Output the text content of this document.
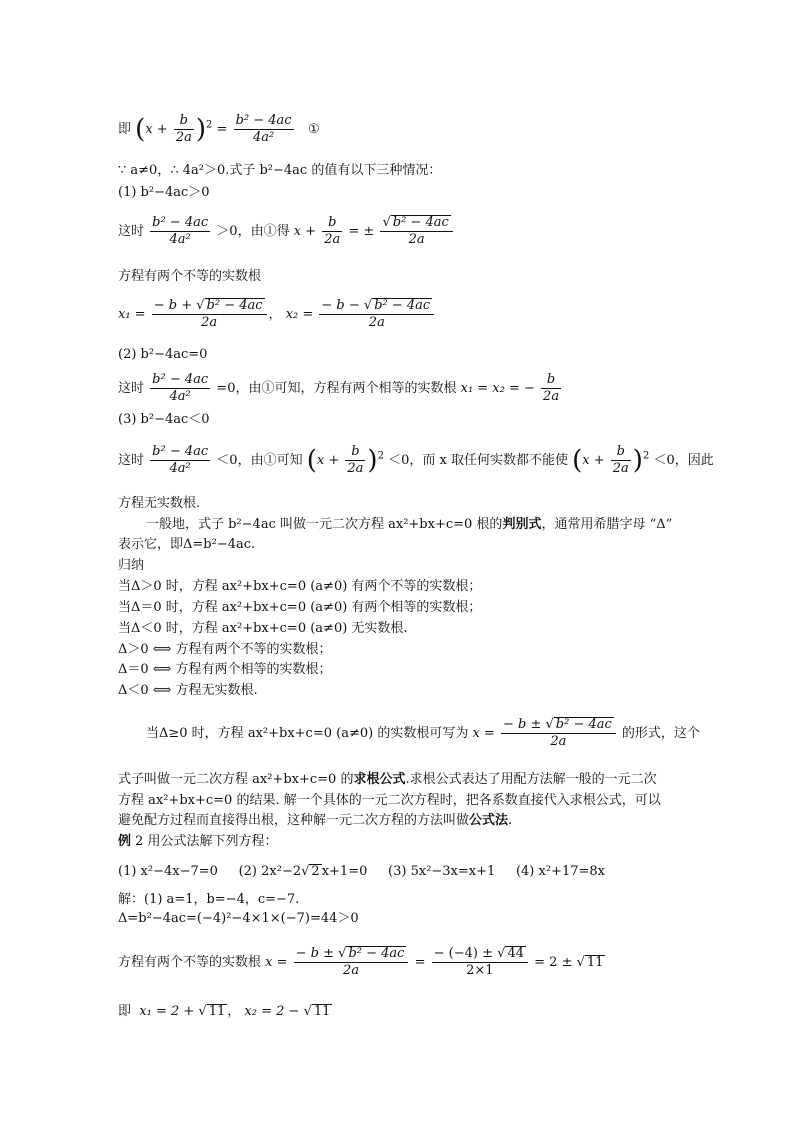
即 $(x + \frac{b}{2a} )^2 = \frac{\text{b² − 4ac}}{\text{4a²}}$ ①
∵ a≠0，∴ 4a²＞0.式子 b²−4ac 的值有以下三种情况：
(1) b²−4ac＞0
这时 $\frac{\text{b² − 4ac}}{\text{4a²}} >0$，由①得 $x + \frac{b}{2a}$ = ± $\frac{\text{√ b² − 4ac}}{2a}$
方程有两个不等的实数根
$x_1 = \frac{\text{− b + √ b² − 4ac}}{2a}$ ， $x_2 = \frac{\text{− b − √ b² − 4ac}}{2a}$
(2) b²−4ac=0
这时 $\frac{\text{b² − 4ac}}{\text{4a²}} =0$，由①可知，方程有两个相等的实数根 x₁ = x₂ = − $\frac{b}{2a}$
(3) b²−4ac＜0
这时 $\frac{\text{b² − 4ac}}{\text{4a²}} <0$，由①可知 $(x + \frac{b}{2a} )^2 <0$，而 x 取任何实数都不能使 $(x + \frac{b}{2a} )^2 <0$，因此
方程无实数根.
一般地，式子 b²−4ac 叫做一元二次方程 ax²+bx+c=0 根的判别式，通常用希腊字母 “Δ”
表示它，即Δ=b²−4ac.
归纳
当Δ＞0 时，方程 ax²+bx+c=0 (a≠0) 有两个不等的实数根；
当Δ＝0 时，方程 ax²+bx+c=0 (a≠0) 有两个相等的实数根；
当Δ＜0 时，方程 ax²+bx+c=0 (a≠0) 无实数根.
Δ＞0 ⟺ 方程有两个不等的实数根；
Δ＝0 ⟺ 方程有两个相等的实数根；
Δ＜0 ⟺ 方程无实数根.
当Δ≥0 时，方程 ax²+bx+c=0 (a≠0) 的实数根可写为 $x = \frac{\text{− b ± √ b² − 4ac}}{2a}$ 的形式，这个
式子叫做一元二次方程 ax²+bx+c=0 的求根公式.求根公式表达了用配方法解一般的一元二次
方程 ax²+bx+c=0 的结果. 解一个具体的一元二次方程时，把各系数直接代入求根公式，可以
避免配方过程而直接得出根，这种解一元二次方程的方法叫做公式法.
例 2 用公式法解下列方程：
(1) x²−4x−7=0 (2) 2x²−2√ 2 x+1=0 (3) 5x²−3x=x+1 (4) x²+17=8x
解：(1) a=1，b=−4，c=−7.
Δ=b²−4ac=(−4)²−4×1×(−7)=44＞0
方程有两个不等的实数根 $x = \frac{\text{− b ± √ b² − 4ac}}{2a} = \frac{- (-4) \pm √ 44}{2\times 1} = 2$ ± √ 11
即 x₁ = 2 + √ 11 ， x₂ = 2 − √ 11
